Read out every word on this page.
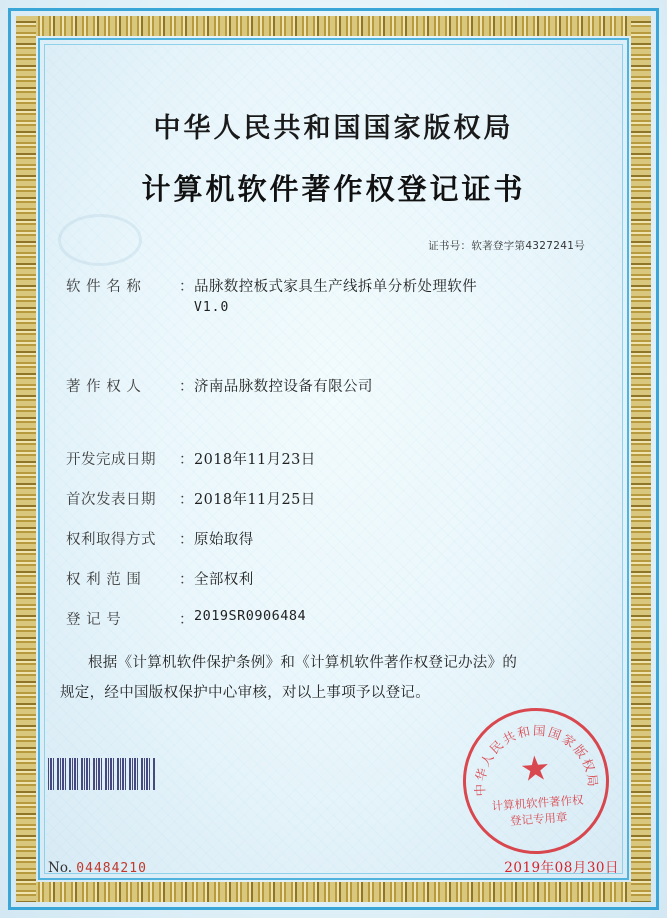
中华人民共和国国家版权局
计算机软件著作权登记证书
证书号：软著登字第4327241号
软 件 名 称	： 品脉数控板式家具生产线拆单分析处理软件
V1.0
著 作 权 人	： 济南品脉数控设备有限公司
开发完成日期 ： 2018年11月23日
首次发表日期 ： 2018年11月25日
权利取得方式 ： 原始取得
权 利 范 围	： 全部权利
登 记 号	： 2019SR0906484
根据《计算机软件保护条例》和《计算机软件著作权登记办法》的
规定，经中国版权保护中心审核，对以上事项予以登记。
中华人民共和国国家版权局
★
计算机软件著作权
登记专用章
No. 04484210	2019年08月30日
